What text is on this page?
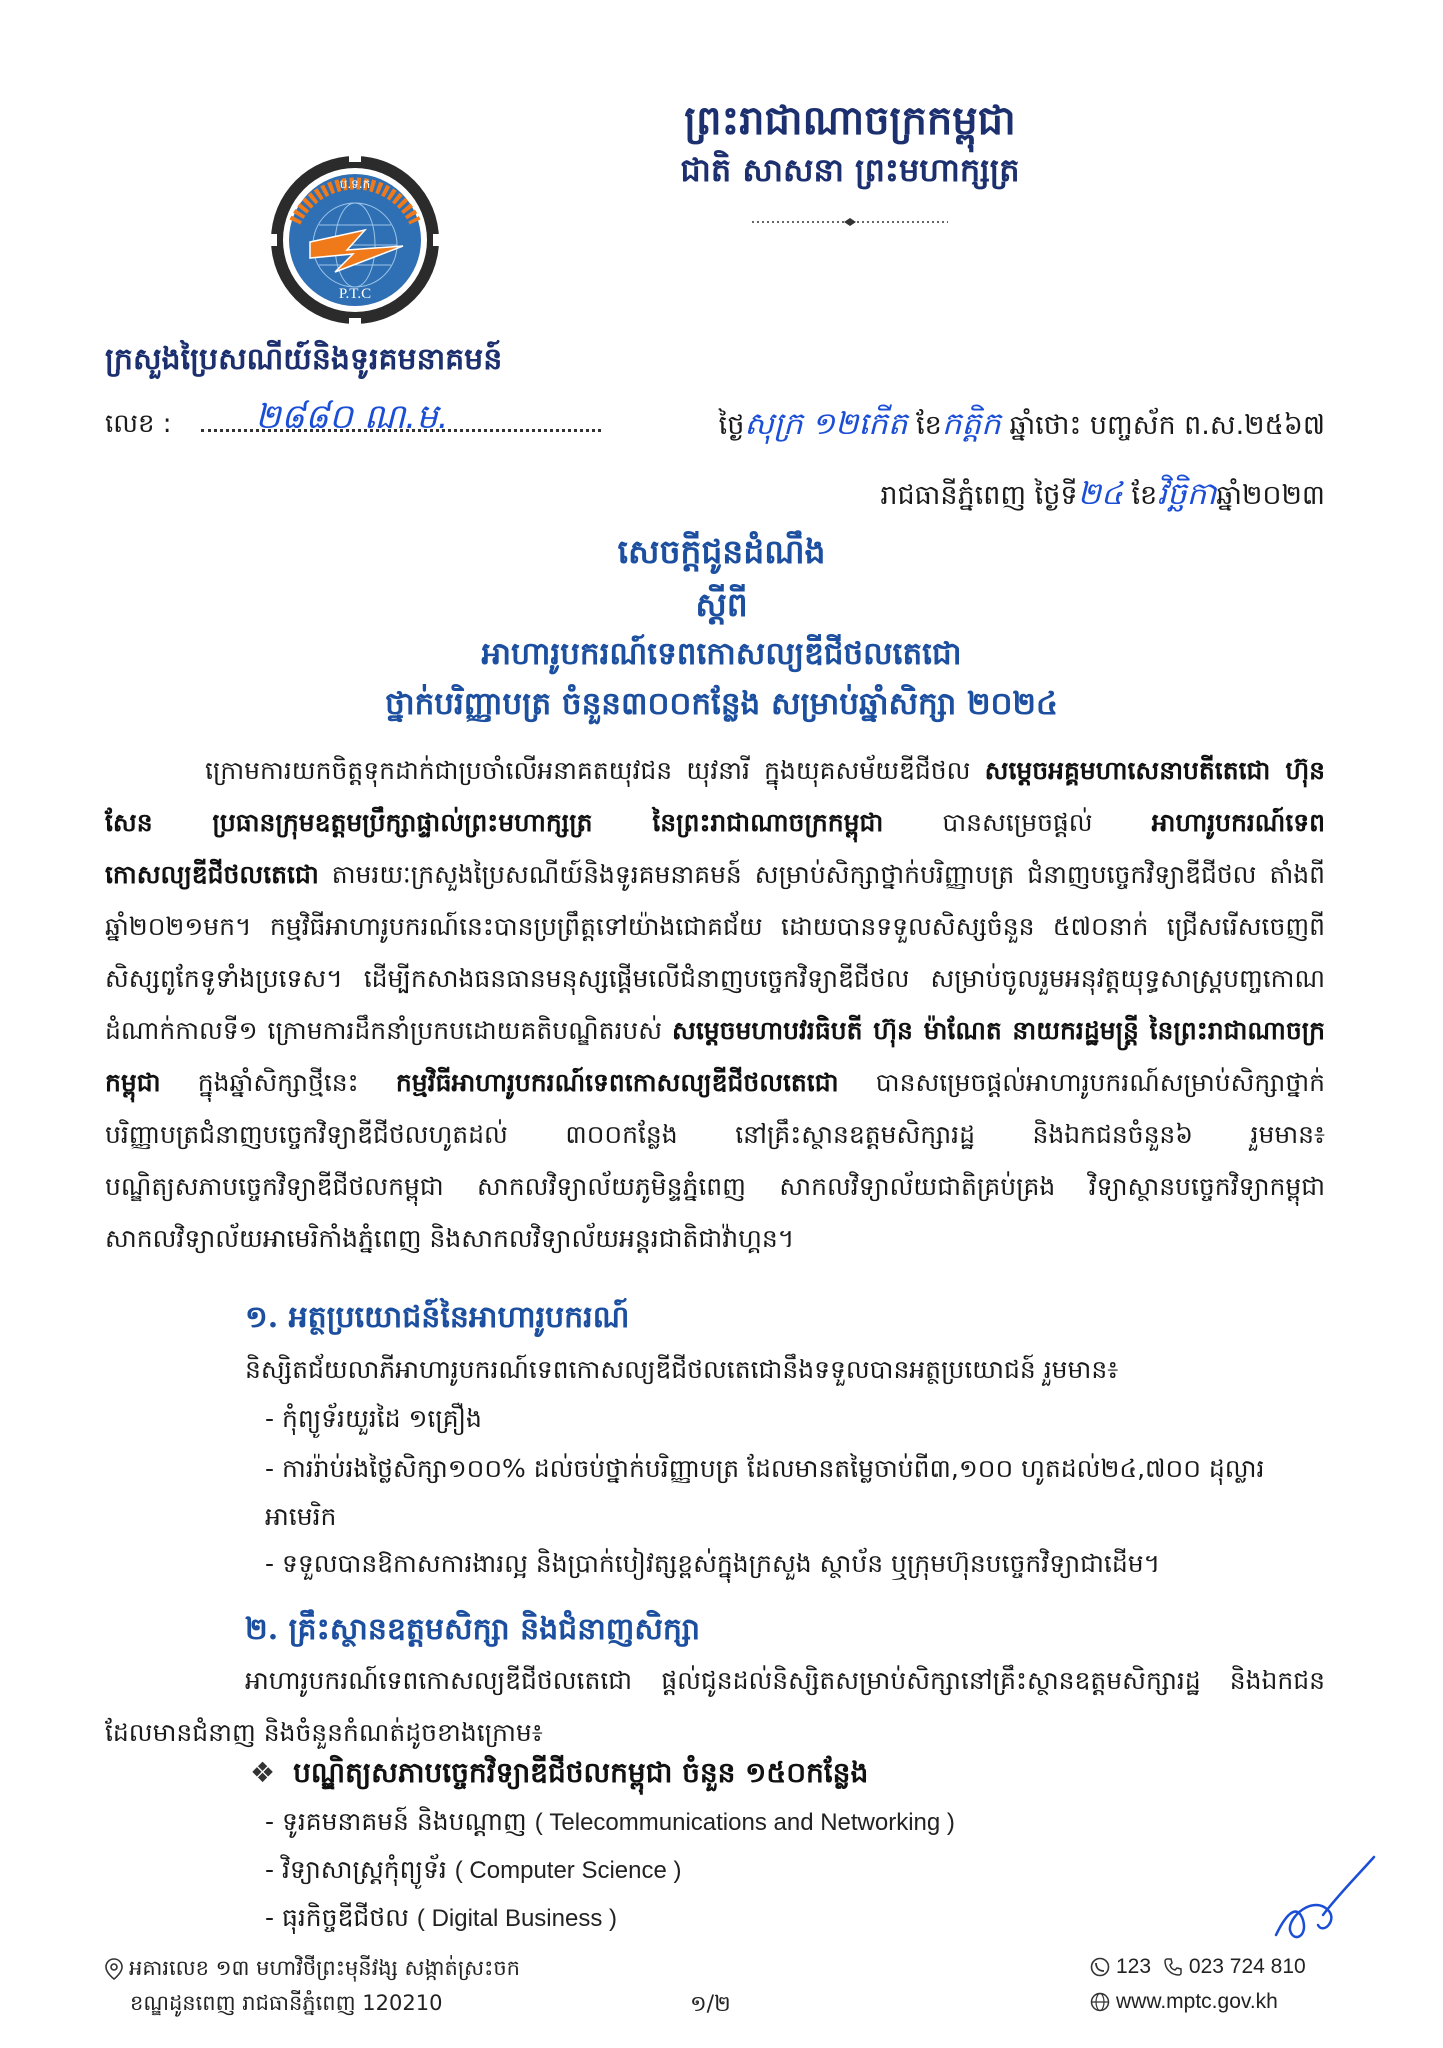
ព្រះរាជាណាចក្រកម្ពុជា
ជាតិ សាសនា ព្រះមហាក្សត្រ
ប.ទ.ក
P.T.C
ក្រសួងប្រៃសណីយ៍និងទូរគមនាគមន៍
លេខ : ២៨៨០ ណ.ម.	ថ្ងៃសុក្រ ១២កើត ខែកត្តិក ឆ្នាំថោះ បញ្ចស័ក ព.ស.២៥៦៧
រាជធានីភ្នំពេញ ថ្ងៃទី២៤ ខែវិច្ឆិកាឆ្នាំ២០២៣
សេចក្តីជូនដំណឹង
ស្តីពី
អាហារូបករណ៍ទេពកោសល្យឌីជីថលតេជោ
ថ្នាក់បរិញ្ញាបត្រ ចំនួន៣០០កន្លែង សម្រាប់ឆ្នាំសិក្សា ២០២៤
ក្រោមការយកចិត្តទុកដាក់ជាប្រចាំលើអនាគតយុវជន យុវនារី ក្នុងយុគសម័យឌីជីថល សម្តេចអគ្គមហាសេនាបតីតេជោ ហ៊ុន សែន ប្រធានក្រុមឧត្តមប្រឹក្សាផ្ទាល់ព្រះមហាក្សត្រ នៃព្រះរាជាណាចក្រកម្ពុជា បានសម្រេចផ្តល់ អាហារូបករណ៍ទេពកោសល្យឌីជីថលតេជោ តាមរយៈក្រសួងប្រៃសណីយ៍និងទូរគមនាគមន៍ សម្រាប់សិក្សាថ្នាក់បរិញ្ញាបត្រ ជំនាញបច្ចេកវិទ្យាឌីជីថល តាំងពីឆ្នាំ២០២១មក។ កម្មវិធីអាហារូបករណ៍នេះបានប្រព្រឹត្តទៅយ៉ាងជោគជ័យ ដោយបានទទួលសិស្សចំនួន ៥៧០នាក់ ជ្រើសរើសចេញពីសិស្សពូកែទូទាំងប្រទេស។ ដើម្បីកសាងធនធានមនុស្សផ្តើមលើជំនាញបច្ចេកវិទ្យាឌីជីថល សម្រាប់ចូលរួមអនុវត្តយុទ្ធសាស្ត្របញ្ចកោណដំណាក់កាលទី១ ក្រោមការដឹកនាំប្រកបដោយគតិបណ្ឌិតរបស់ សម្តេចមហាបវរធិបតី ហ៊ុន ម៉ាណែត នាយករដ្ឋមន្ត្រី នៃព្រះរាជាណាចក្រកម្ពុជា ក្នុងឆ្នាំសិក្សាថ្មីនេះ កម្មវិធីអាហារូបករណ៍ទេពកោសល្យឌីជីថលតេជោ បានសម្រេចផ្តល់អាហារូបករណ៍សម្រាប់សិក្សាថ្នាក់បរិញ្ញាបត្រជំនាញបច្ចេកវិទ្យាឌីជីថលហូតដល់ ៣០០កន្លែង នៅគ្រឹះស្ថានឧត្តមសិក្សារដ្ឋ និងឯកជនចំនួន៦ រួមមាន៖ បណ្ឌិត្យសភាបច្ចេកវិទ្យាឌីជីថលកម្ពុជា សាកលវិទ្យាល័យភូមិន្ទភ្នំពេញ សាកលវិទ្យាល័យជាតិគ្រប់គ្រង វិទ្យាស្ថានបច្ចេកវិទ្យាកម្ពុជា សាកលវិទ្យាល័យអាមេរិកាំងភ្នំពេញ និងសាកលវិទ្យាល័យអន្តរជាតិជាវ៉ាហ្គន។
១. អត្ថប្រយោជន៍នៃអាហារូបករណ៍
និស្សិតជ័យលាភីអាហារូបករណ៍ទេពកោសល្យឌីជីថលតេជោនឹងទទួលបានអត្ថប្រយោជន៍ រួមមាន៖
- កុំព្យូទ័រយួរដៃ ១គ្រឿង
- ការរ៉ាប់រងថ្លៃសិក្សា១០០% ដល់ចប់ថ្នាក់បរិញ្ញាបត្រ ដែលមានតម្លៃចាប់ពី៣,១០០ ហូតដល់២៤,៧០០ ដុល្លារអាមេរិក
- ទទួលបានឱកាសការងារល្អ និងប្រាក់បៀវត្សខ្ពស់ក្នុងក្រសួង ស្ថាប័ន ឬក្រុមហ៊ុនបច្ចេកវិទ្យាជាដើម។
២. គ្រឹះស្ថានឧត្តមសិក្សា និងជំនាញសិក្សា
អាហារូបករណ៍ទេពកោសល្យឌីជីថលតេជោ ផ្តល់ជូនដល់និស្សិតសម្រាប់សិក្សានៅគ្រឹះស្ថានឧត្តមសិក្សារដ្ឋ និងឯកជន ដែលមានជំនាញ និងចំនួនកំណត់ដូចខាងក្រោម៖
❖ បណ្ឌិត្យសភាបច្ចេកវិទ្យាឌីជីថលកម្ពុជា ចំនួន ១៥០កន្លែង
- ទូរគមនាគមន៍ និងបណ្តាញ ( Telecommunications and Networking )
- វិទ្យាសាស្ត្រកុំព្យូទ័រ ( Computer Science )
- ធុរកិច្ចឌីជីថល ( Digital Business )
អគារលេខ ១៣ មហាវិថីព្រះមុនីវង្ស សង្កាត់ស្រះចក
ខណ្ឌដូនពេញ រាជធានីភ្នំពេញ 120210	១/២
123 023 724 810
www.mptc.gov.kh
